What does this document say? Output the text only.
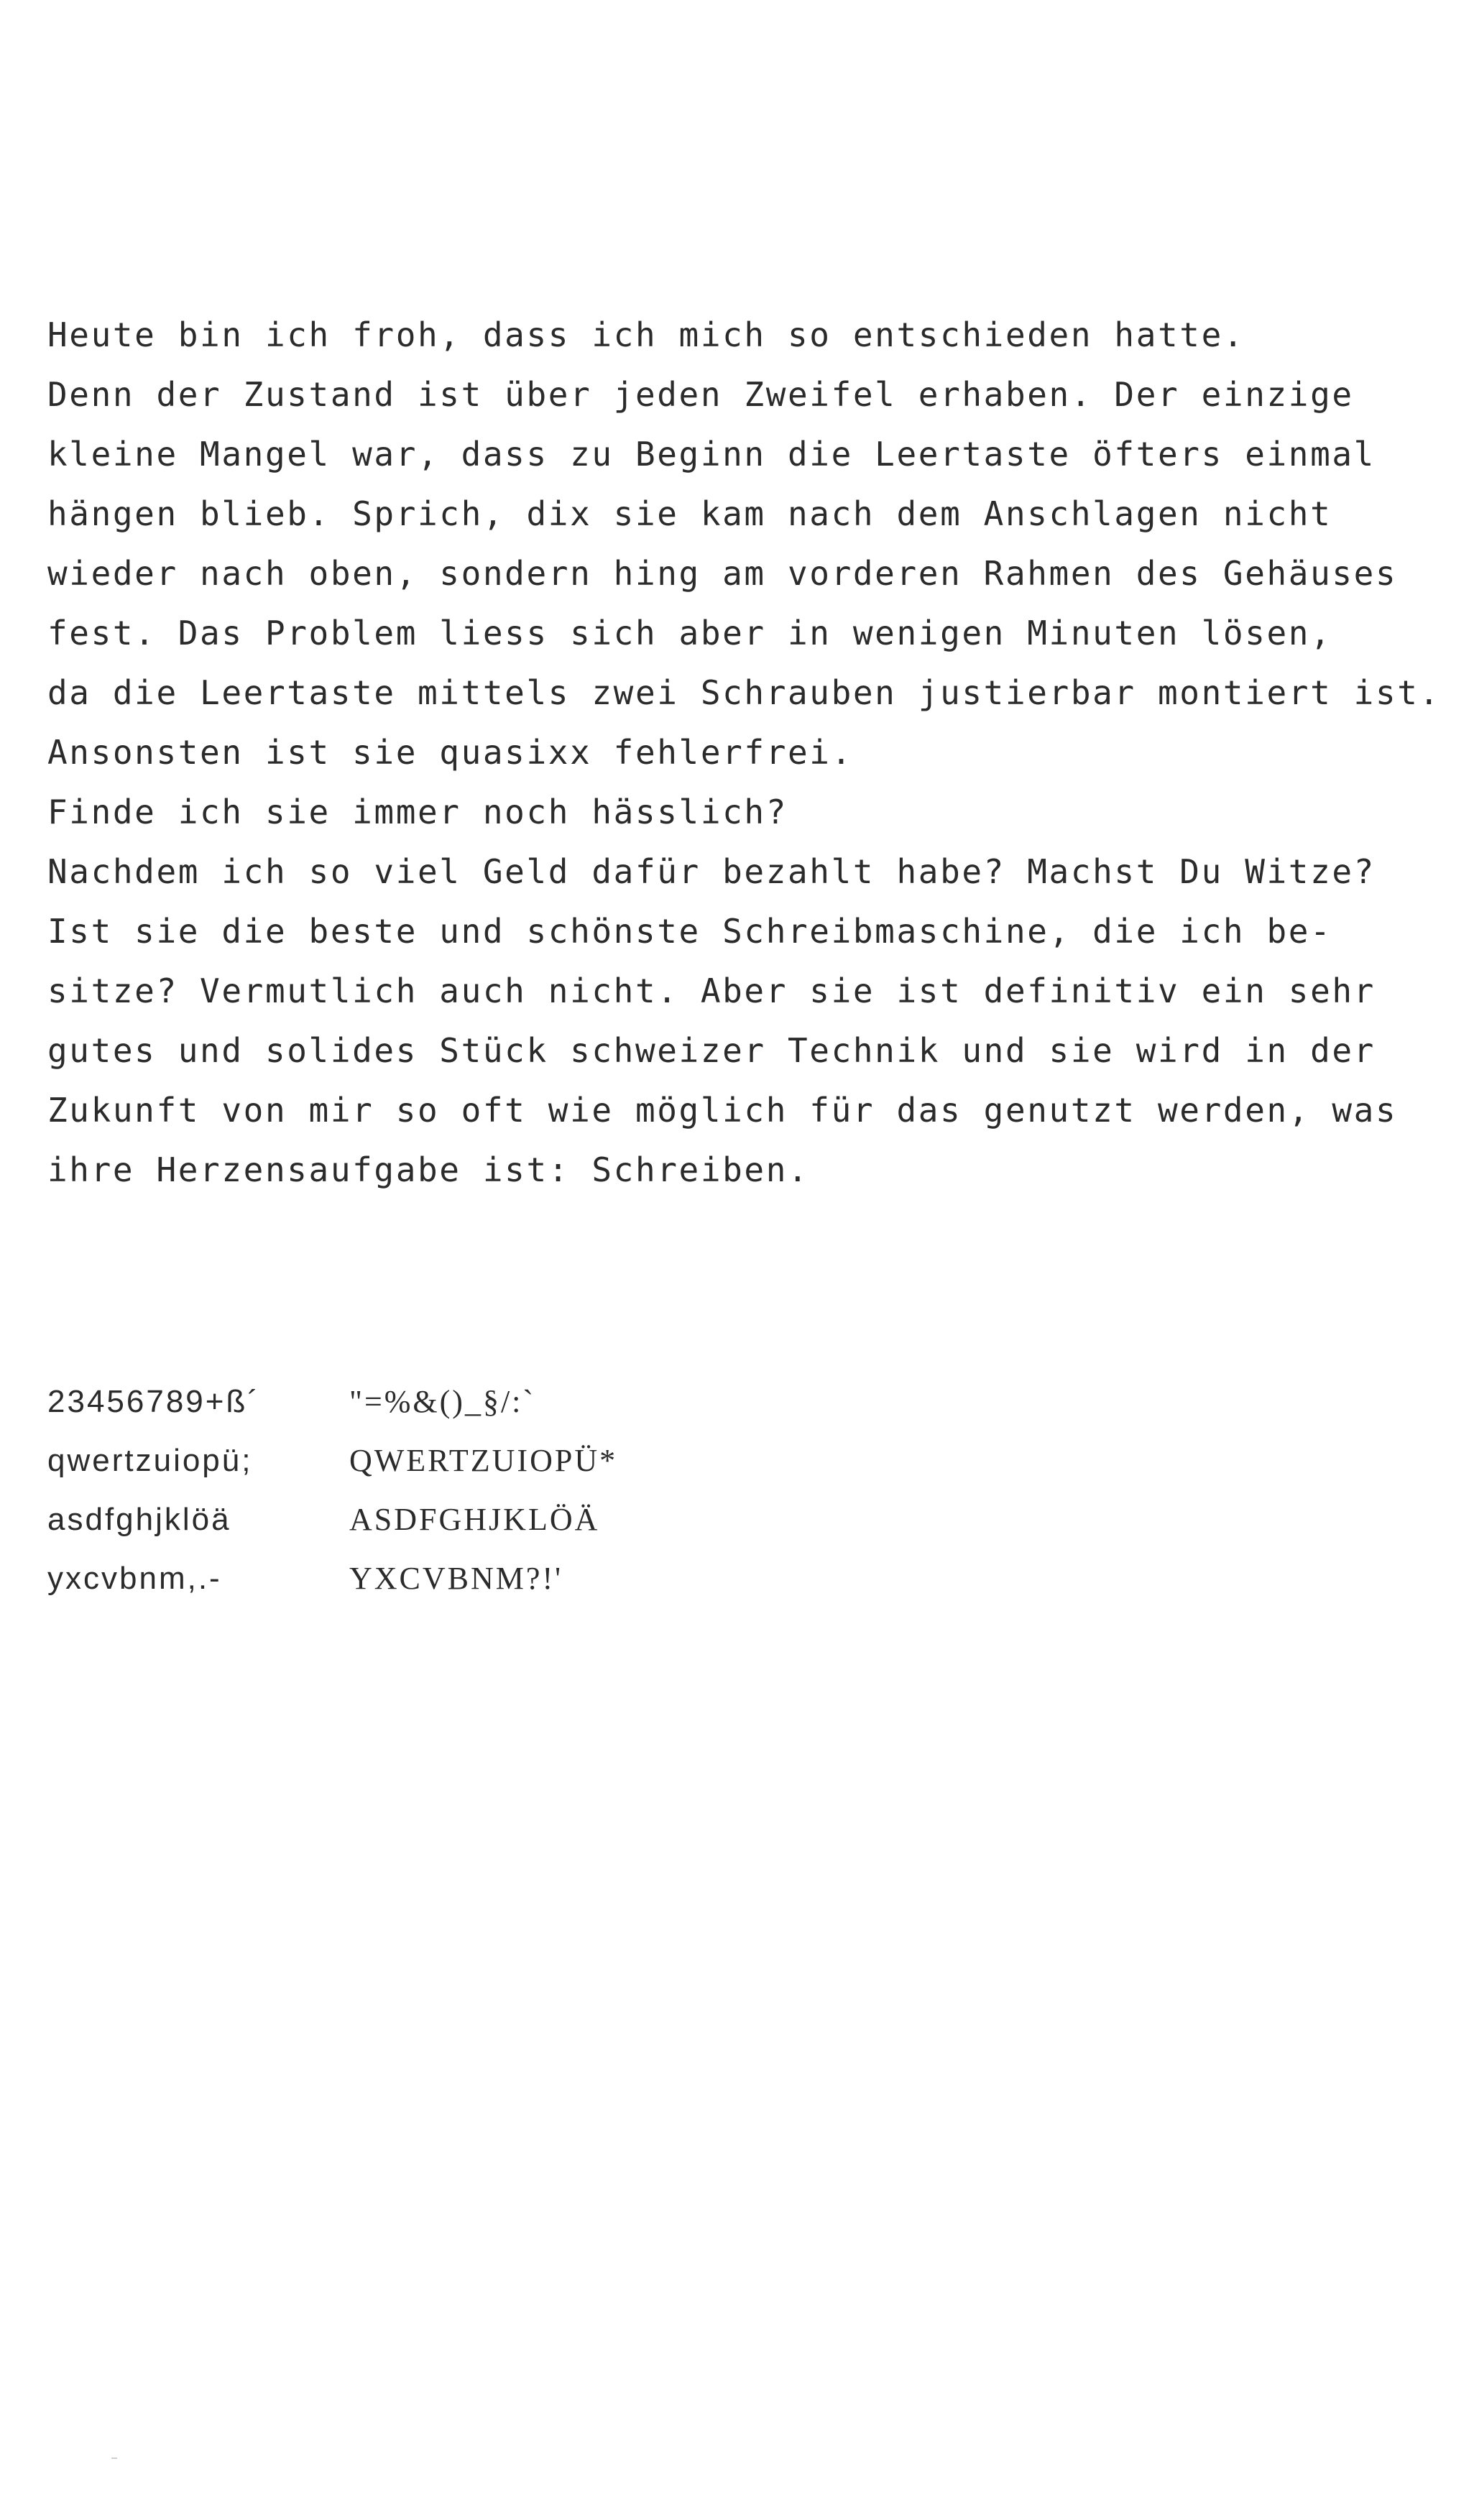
Heute bin ich froh, dass ich mich so entschieden hatte.
Denn der Zustand ist über jeden Zweifel erhaben. Der einzige
kleine Mangel war, dass zu Beginn die Leertaste öfters einmal
hängen blieb. Sprich, dix sie kam nach dem Anschlagen nicht
wieder nach oben, sondern hing am vorderen Rahmen des Gehäuses
fest. Das Problem liess sich aber in wenigen Minuten lösen,
da die Leertaste mittels zwei Schrauben justierbar montiert ist.
Ansonsten ist sie quasixx fehlerfrei.
Finde ich sie immer noch hässlich?
Nachdem ich so viel Geld dafür bezahlt habe? Machst Du Witze?
Ist sie die beste und schönste Schreibmaschine, die ich be-
sitze? Vermutlich auch nicht. Aber sie ist definitiv ein sehr
gutes und solides Stück schweizer Technik und sie wird in der
Zukunft von mir so oft wie möglich für das genutzt werden, was
ihre Herzensaufgabe ist: Schreiben.
23456789+ß´	"=%&()_§/:`
qwertzuiopü;	QWERTZUIOPÜ*
asdfghjklöä	ASDFGHJKLÖÄ
yxcvbnm,.-	YXCVBNM?!'
